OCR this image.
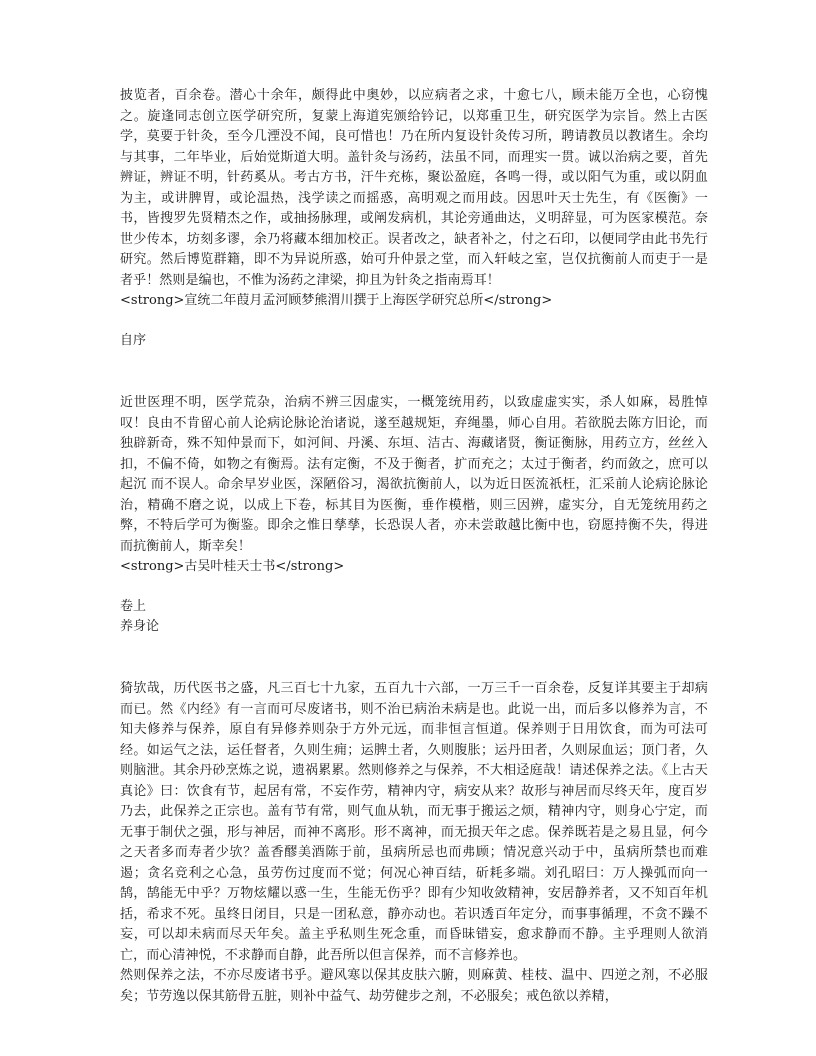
披览者，百余卷。潜心十余年，颇得此中奥妙，以应病者之求，十愈七八，顾未能万全也，心窃愧之。旋逢同志创立医学研究所，复蒙上海道宪颁给钤记，以郑重卫生，研究医学为宗旨。然上古医学，莫要于针灸，至今几湮没不闻，良可惜也！乃在所内复设针灸传习所，聘请教员以教诸生。余均与其事，二年毕业，后始觉斯道大明。盖针灸与汤药，法虽不同，而理实一贯。诚以治病之要，首先辨证，辨证不明，针药奚从。考古方书，汗牛充栋，聚讼盈庭，各鸣一得，或以阳气为重，或以阴血为主，或讲脾胃，或论温热，浅学读之而摇惑，高明观之而用歧。因思叶天士先生，有《医衡》一书，皆搜罗先贤精杰之作，或抽扬脉理，或阐发病机，其论旁通曲达，义明辞显，可为医家模范。奈世少传本，坊刻多谬，余乃将藏本细加校正。误者改之，缺者补之，付之石印，以便同学由此书先行研究。然后博览群籍，即不为异说所惑，始可升仲景之堂，而入轩岐之室，岂仅抗衡前人而吏于一是者乎！然则是编也，不惟为汤药之津梁，抑且为针灸之指南焉耳！

<strong>宣统二年葭月孟河顾梦熊渭川撰于上海医学研究总所</strong>

自序

近世医理不明，医学荒杂，治病不辨三因虚实，一概笼统用药，以致虚虚实实，杀人如麻，曷胜悼叹！良由不肯留心前人论病论脉论治诸说，遂至越规矩，弃绳墨，师心自用。若欲脱去陈方旧论，而独辟新奇，殊不知仲景而下，如河间、丹溪、东垣、洁古、海藏诸贤，衡证衡脉，用药立方，丝丝入扣，不偏不倚，如物之有衡焉。法有定衡，不及于衡者，扩而充之；太过于衡者，约而敛之，庶可以起沉 而不误人。命余早岁业医，深陋俗习，渴欲抗衡前人，以为近日医流祇枉，汇采前人论病论脉论治，精确不磨之说，以成上下卷，标其目为医衡，垂作模楷，则三因辨，虚实分，自无笼统用药之弊，不特后学可为衡鉴。即余之惟日孳孳，长恐误人者，亦未尝敢越比衡中也，窃愿持衡不失，得进而抗衡前人，斯幸矣！

<strong>古吴叶桂天士书</strong>

卷上

养身论

猗欤哉，历代医书之盛，凡三百七十九家，五百九十六部，一万三千一百余卷，反复详其要主于却病而已。然《内经》有一言而可尽废诸书，则不治已病治未病是也。此说一出，而后多以修养为言，不知夫修养与保养，原自有异修养则杂于方外元远，而非恒言恒道。保养则于日用饮食，而为可法可经。如运气之法，运任督者，久则生痈；运脾土者，久则腹胀；运丹田者，久则尿血运；顶门者，久则脑泄。其余丹砂烹炼之说，遗祸累累。然则修养之与保养，不大相迳庭哉！请述保养之法。《上古天真论》曰：饮食有节，起居有常，不妄作劳，精神内守，病安从来？故形与神居而尽终天年，度百岁乃去，此保养之正宗也。盖有节有常，则气血从轨，而无事于搬运之烦，精神内守，则身心宁定，而无事于制伏之强，形与神居，而神不离形。形不离神，而无损天年之虑。保养既若是之易且显，何今之天者多而寿者少欤？盖香醪美酒陈于前，虽病所忌也而弗顾；情况意兴动于中，虽病所禁也而难遏；贪名竞利之心急，虽劳伤过度而不觉；何况心神百结，斫耗多端。刘孔昭曰：万人操弧而向一鹄，鹄能无中乎？万物炫耀以惑一生，生能无伤乎？即有少知收敛精神，安居静养者，又不知百年机括，希求不死。虽终日闭目，只是一团私意，静亦动也。若识透百年定分，而事事循理，不贪不躁不妄，可以却未病而尽天年矣。盖主乎私则生死念重，而昏昧错妄，愈求静而不静。主乎理则人欲消亡，而心清神悦，不求静而自静，此吾所以但言保养，而不言修养也。

然则保养之法，不亦尽废诸书乎。避风寒以保其皮肤六腑，则麻黄、桂枝、温中、四逆之剂，不必服矣；节劳逸以保其筋骨五脏，则补中益气、劫劳健步之剂，不必服矣；戒色欲以养精，
